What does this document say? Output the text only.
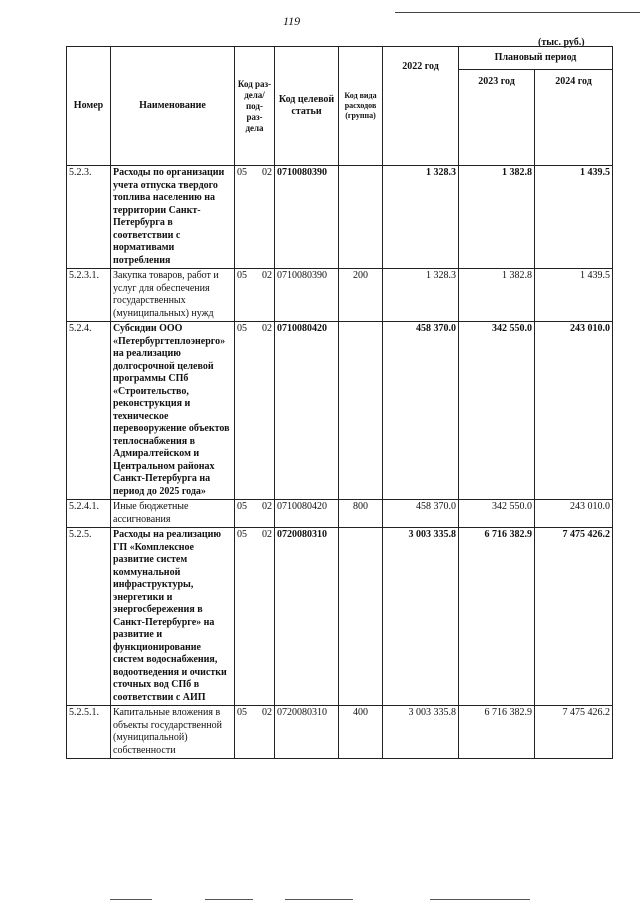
119
(тыс. руб.)
Номер	Наименование	Код раз- дела/ под- раз- дела	Код целевой статьи	Код вида расходов (группа)	2022 год	Плановый период	
						2023 год	2024 год
5.2.3.	Расходы по организации учета отпуска твердого топлива населению на территории Санкт-Петербурга в соответствии с нормативами потребления	05 02	0710080390		1 328.3	1 382.8	1 439.5
5.2.3.1.	Закупка товаров, работ и услуг для обеспечения государственных (муниципальных) нужд	05 02	0710080390	200	1 328.3	1 382.8	1 439.5
5.2.4.	Субсидии ООО «Петербургтеплоэнерго» на реализацию долгосрочной целевой программы СПб «Строительство, реконструкция и техническое перевооружение объектов теплоснабжения в Адмиралтейском и Центральном районах Санкт-Петербурга на период до 2025 года»	05 02	0710080420		458 370.0	342 550.0	243 010.0
5.2.4.1.	Иные бюджетные ассигнования	05 02	0710080420	800	458 370.0	342 550.0	243 010.0
5.2.5.	Расходы на реализацию ГП «Комплексное развитие систем коммунальной инфраструктуры, энергетики и энергосбережения в Санкт-Петербурге» на развитие и функционирование систем водоснабжения, водоотведения и очистки сточных вод СПб в соответствии с АИП	05 02	0720080310		3 003 335.8	6 716 382.9	7 475 426.2
5.2.5.1.	Капитальные вложения в объекты государственной (муниципальной) собственности	05 02	0720080310	400	3 003 335.8	6 716 382.9	7 475 426.2
